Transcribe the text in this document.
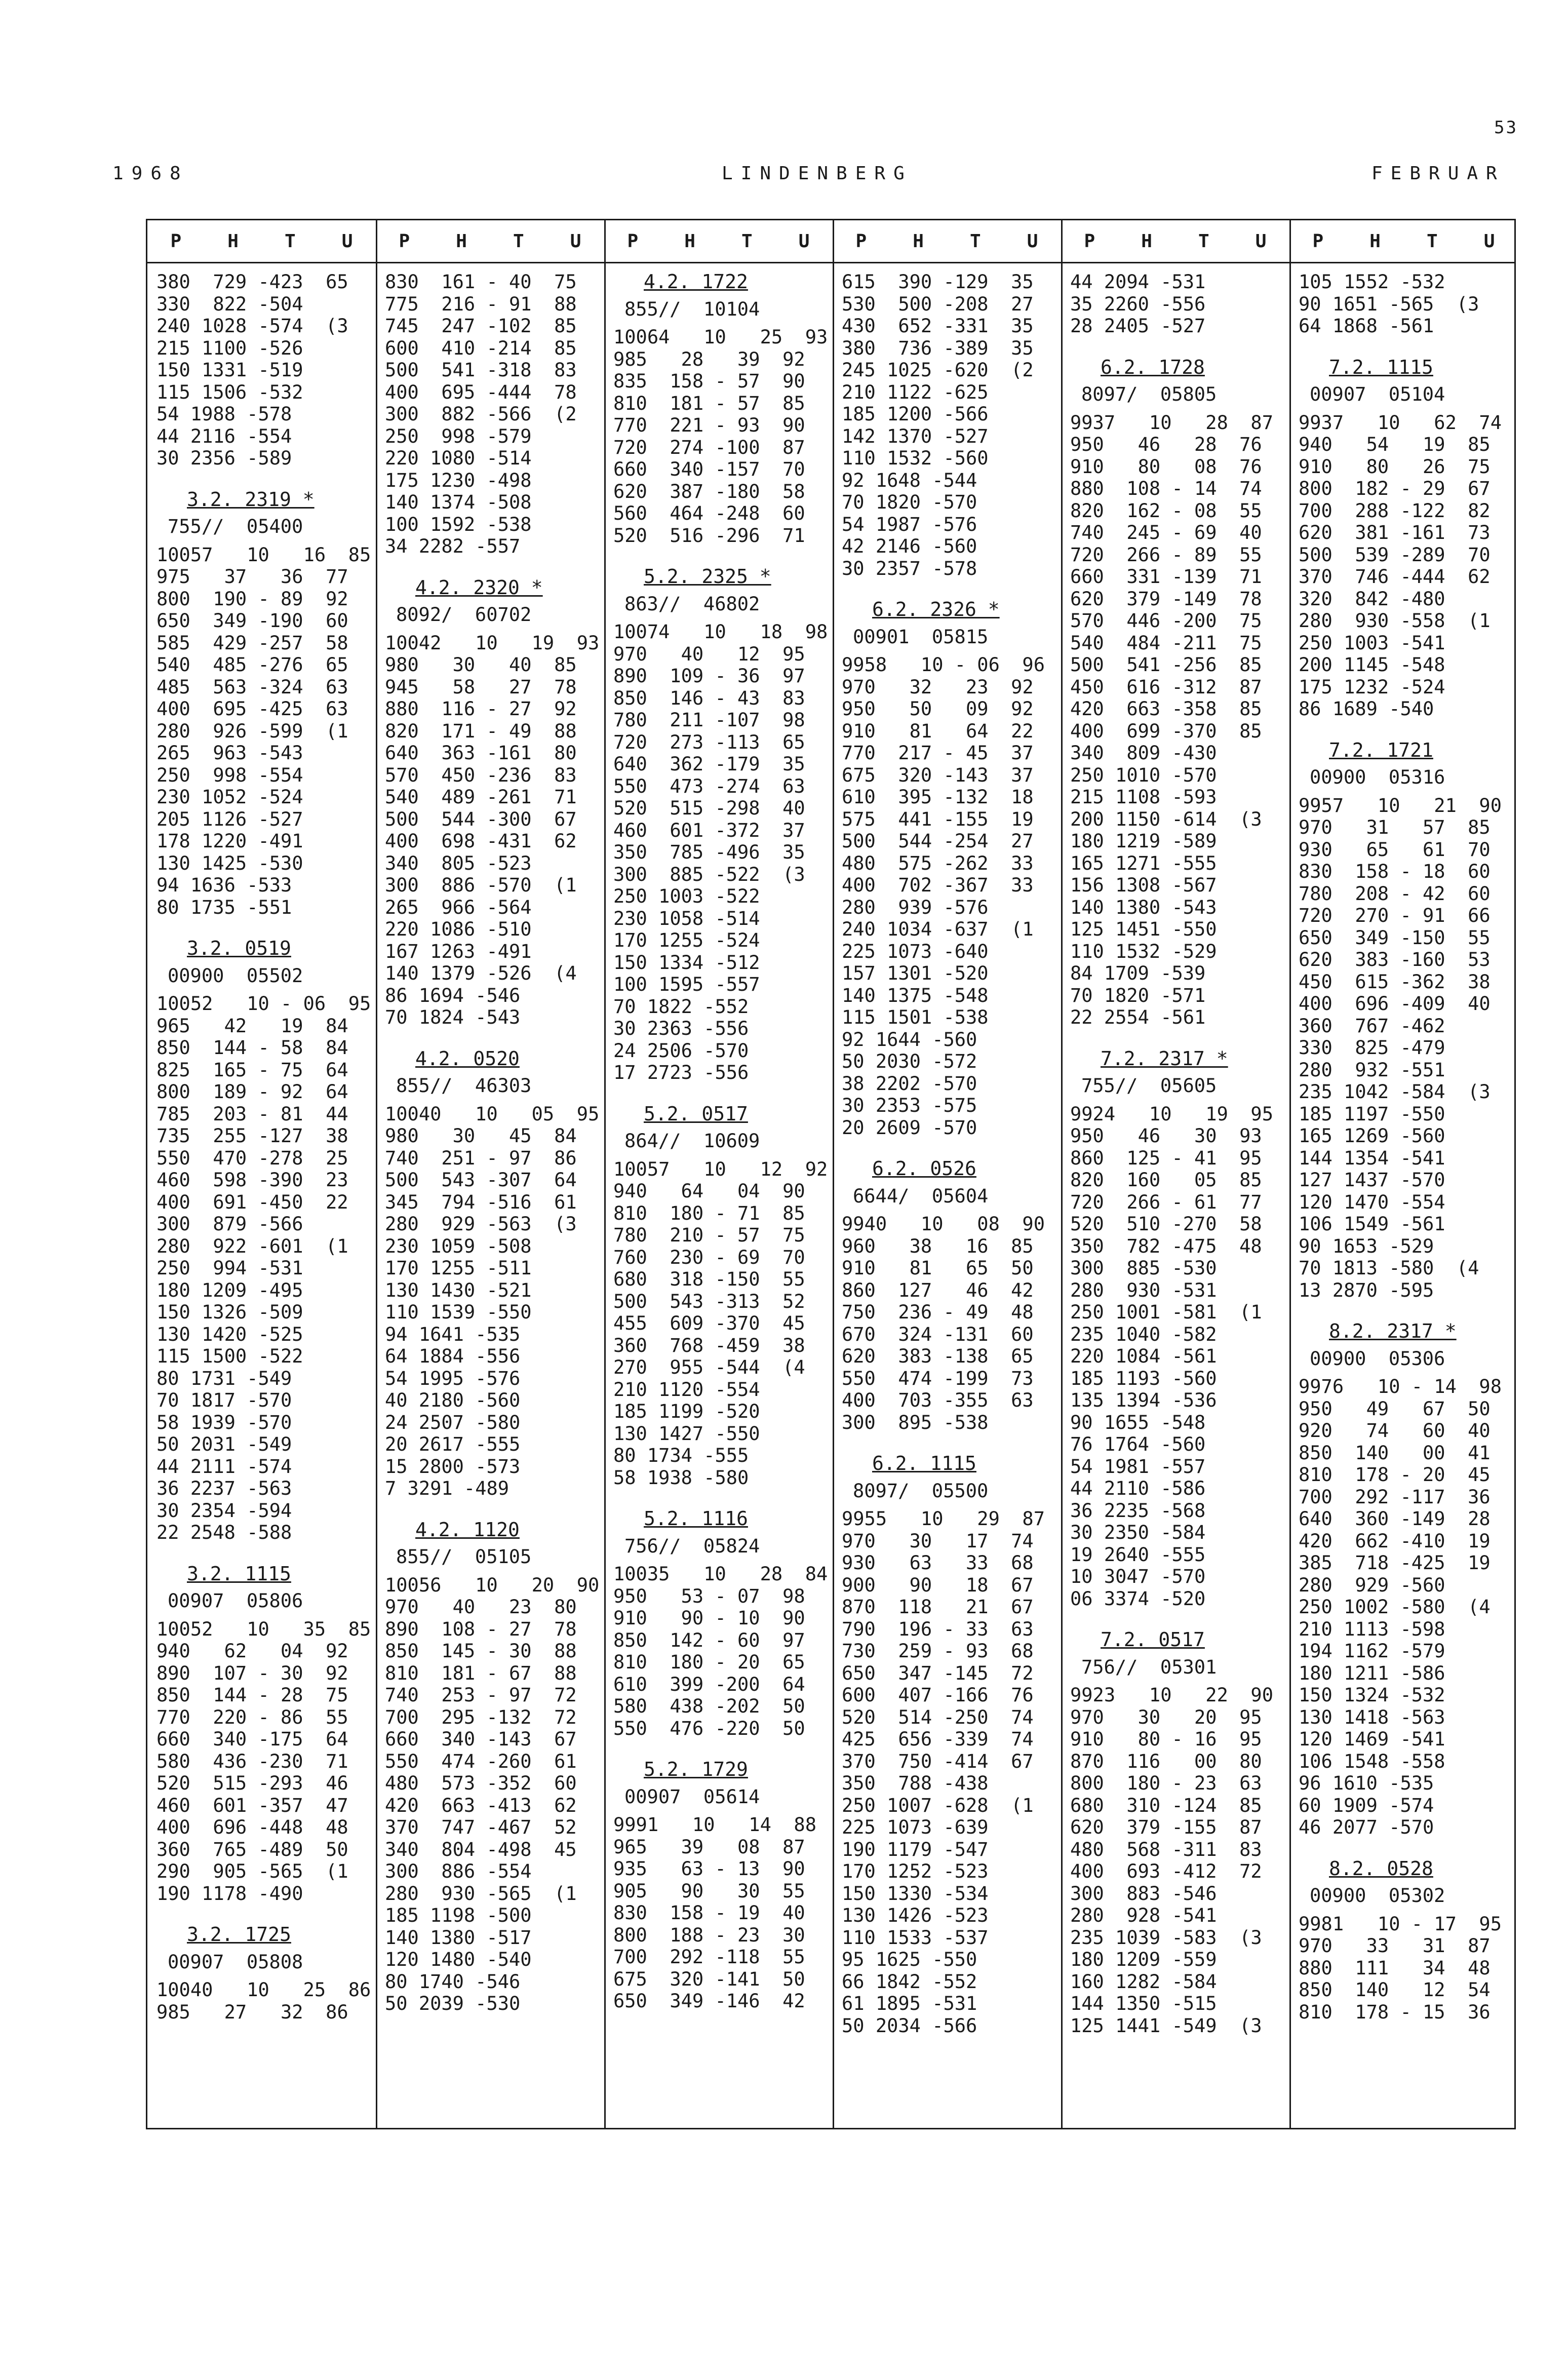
53
1968	LINDENBERG	FEBRUAR
P	H	T	U
380  729 -423  65
330  822 -504
240 1028 -574  (3
215 1100 -526
150 1331 -519
115 1506 -532
54 1988 -578
44 2116 -554
30 2356 -589
3.2. 2319 *
755//  05400
10057   10   16  85
975   37   36  77
800  190 - 89  92
650  349 -190  60
585  429 -257  58
540  485 -276  65
485  563 -324  63
400  695 -425  63
280  926 -599  (1
265  963 -543
250  998 -554
230 1052 -524
205 1126 -527
178 1220 -491
130 1425 -530
94 1636 -533
80 1735 -551
3.2. 0519
00900  05502
10052   10 - 06  95
965   42   19  84
850  144 - 58  84
825  165 - 75  64
800  189 - 92  64
785  203 - 81  44
735  255 -127  38
550  470 -278  25
460  598 -390  23
400  691 -450  22
300  879 -566
280  922 -601  (1
250  994 -531
180 1209 -495
150 1326 -509
130 1420 -525
115 1500 -522
80 1731 -549
70 1817 -570
58 1939 -570
50 2031 -549
44 2111 -574
36 2237 -563
30 2354 -594
22 2548 -588
3.2. 1115
00907  05806
10052   10   35  85
940   62   04  92
890  107 - 30  92
850  144 - 28  75
770  220 - 86  55
660  340 -175  64
580  436 -230  71
520  515 -293  46
460  601 -357  47
400  696 -448  48
360  765 -489  50
290  905 -565  (1
190 1178 -490
3.2. 1725
00907  05808
10040   10   25  86
985   27   32  86
P	H	T	U
830  161 - 40  75
775  216 - 91  88
745  247 -102  85
600  410 -214  85
500  541 -318  83
400  695 -444  78
300  882 -566  (2
250  998 -579
220 1080 -514
175 1230 -498
140 1374 -508
100 1592 -538
34 2282 -557
4.2. 2320 *
8092/  60702
10042   10   19  93
980   30   40  85
945   58   27  78
880  116 - 27  92
820  171 - 49  88
640  363 -161  80
570  450 -236  83
540  489 -261  71
500  544 -300  67
400  698 -431  62
340  805 -523
300  886 -570  (1
265  966 -564
220 1086 -510
167 1263 -491
140 1379 -526  (4
86 1694 -546
70 1824 -543
4.2. 0520
855//  46303
10040   10   05  95
980   30   45  84
740  251 - 97  86
500  543 -307  64
345  794 -516  61
280  929 -563  (3
230 1059 -508
170 1255 -511
130 1430 -521
110 1539 -550
94 1641 -535
64 1884 -556
54 1995 -576
40 2180 -560
24 2507 -580
20 2617 -555
15 2800 -573
7 3291 -489
4.2. 1120
855//  05105
10056   10   20  90
970   40   23  80
890  108 - 27  78
850  145 - 30  88
810  181 - 67  88
740  253 - 97  72
700  295 -132  72
660  340 -143  67
550  474 -260  61
480  573 -352  60
420  663 -413  62
370  747 -467  52
340  804 -498  45
300  886 -554
280  930 -565  (1
185 1198 -500
140 1380 -517
120 1480 -540
80 1740 -546
50 2039 -530
P	H	T	U
4.2. 1722
855//  10104
10064   10   25  93
985   28   39  92
835  158 - 57  90
810  181 - 57  85
770  221 - 93  90
720  274 -100  87
660  340 -157  70
620  387 -180  58
560  464 -248  60
520  516 -296  71
5.2. 2325 *
863//  46802
10074   10   18  98
970   40   12  95
890  109 - 36  97
850  146 - 43  83
780  211 -107  98
720  273 -113  65
640  362 -179  35
550  473 -274  63
520  515 -298  40
460  601 -372  37
350  785 -496  35
300  885 -522  (3
250 1003 -522
230 1058 -514
170 1255 -524
150 1334 -512
100 1595 -557
70 1822 -552
30 2363 -556
24 2506 -570
17 2723 -556
5.2. 0517
864//  10609
10057   10   12  92
940   64   04  90
810  180 - 71  85
780  210 - 57  75
760  230 - 69  70
680  318 -150  55
500  543 -313  52
455  609 -370  45
360  768 -459  38
270  955 -544  (4
210 1120 -554
185 1199 -520
130 1427 -550
80 1734 -555
58 1938 -580
5.2. 1116
756//  05824
10035   10   28  84
950   53 - 07  98
910   90 - 10  90
850  142 - 60  97
810  180 - 20  65
610  399 -200  64
580  438 -202  50
550  476 -220  50
5.2. 1729
00907  05614
9991   10   14  88
965   39   08  87
935   63 - 13  90
905   90   30  55
830  158 - 19  40
800  188 - 23  30
700  292 -118  55
675  320 -141  50
650  349 -146  42
P	H	T	U
615  390 -129  35
530  500 -208  27
430  652 -331  35
380  736 -389  35
245 1025 -620  (2
210 1122 -625
185 1200 -566
142 1370 -527
110 1532 -560
92 1648 -544
70 1820 -570
54 1987 -576
42 2146 -560
30 2357 -578
6.2. 2326 *
00901  05815
9958   10 - 06  96
970   32   23  92
950   50   09  92
910   81   64  22
770  217 - 45  37
675  320 -143  37
610  395 -132  18
575  441 -155  19
500  544 -254  27
480  575 -262  33
400  702 -367  33
280  939 -576
240 1034 -637  (1
225 1073 -640
157 1301 -520
140 1375 -548
115 1501 -538
92 1644 -560
50 2030 -572
38 2202 -570
30 2353 -575
20 2609 -570
6.2. 0526
6644/  05604
9940   10   08  90
960   38   16  85
910   81   65  50
860  127   46  42
750  236 - 49  48
670  324 -131  60
620  383 -138  65
550  474 -199  73
400  703 -355  63
300  895 -538
6.2. 1115
8097/  05500
9955   10   29  87
970   30   17  74
930   63   33  68
900   90   18  67
870  118   21  67
790  196 - 33  63
730  259 - 93  68
650  347 -145  72
600  407 -166  76
520  514 -250  74
425  656 -339  74
370  750 -414  67
350  788 -438
250 1007 -628  (1
225 1073 -639
190 1179 -547
170 1252 -523
150 1330 -534
130 1426 -523
110 1533 -537
95 1625 -550
66 1842 -552
61 1895 -531
50 2034 -566
P	H	T	U
44 2094 -531
35 2260 -556
28 2405 -527
6.2. 1728
8097/  05805
9937   10   28  87
950   46   28  76
910   80   08  76
880  108 - 14  74
820  162 - 08  55
740  245 - 69  40
720  266 - 89  55
660  331 -139  71
620  379 -149  78
570  446 -200  75
540  484 -211  75
500  541 -256  85
450  616 -312  87
420  663 -358  85
400  699 -370  85
340  809 -430
250 1010 -570
215 1108 -593
200 1150 -614  (3
180 1219 -589
165 1271 -555
156 1308 -567
140 1380 -543
125 1451 -550
110 1532 -529
84 1709 -539
70 1820 -571
22 2554 -561
7.2. 2317 *
755//  05605
9924   10   19  95
950   46   30  93
860  125 - 41  95
820  160   05  85
720  266 - 61  77
520  510 -270  58
350  782 -475  48
300  885 -530
280  930 -531
250 1001 -581  (1
235 1040 -582
220 1084 -561
185 1193 -560
135 1394 -536
90 1655 -548
76 1764 -560
54 1981 -557
44 2110 -586
36 2235 -568
30 2350 -584
19 2640 -555
10 3047 -570
06 3374 -520
7.2. 0517
756//  05301
9923   10   22  90
970   30   20  95
910   80 - 16  95
870  116   00  80
800  180 - 23  63
680  310 -124  85
620  379 -155  87
480  568 -311  83
400  693 -412  72
300  883 -546
280  928 -541
235 1039 -583  (3
180 1209 -559
160 1282 -584
144 1350 -515
125 1441 -549  (3
P	H	T	U
105 1552 -532
90 1651 -565  (3
64 1868 -561
7.2. 1115
00907  05104
9937   10   62  74
940   54   19  85
910   80   26  75
800  182 - 29  67
700  288 -122  82
620  381 -161  73
500  539 -289  70
370  746 -444  62
320  842 -480
280  930 -558  (1
250 1003 -541
200 1145 -548
175 1232 -524
86 1689 -540
7.2. 1721
00900  05316
9957   10   21  90
970   31   57  85
930   65   61  70
830  158 - 18  60
780  208 - 42  60
720  270 - 91  66
650  349 -150  55
620  383 -160  53
450  615 -362  38
400  696 -409  40
360  767 -462
330  825 -479
280  932 -551
235 1042 -584  (3
185 1197 -550
165 1269 -560
144 1354 -541
127 1437 -570
120 1470 -554
106 1549 -561
90 1653 -529
70 1813 -580  (4
13 2870 -595
8.2. 2317 *
00900  05306
9976   10 - 14  98
950   49   67  50
920   74   60  40
850  140   00  41
810  178 - 20  45
700  292 -117  36
640  360 -149  28
420  662 -410  19
385  718 -425  19
280  929 -560
250 1002 -580  (4
210 1113 -598
194 1162 -579
180 1211 -586
150 1324 -532
130 1418 -563
120 1469 -541
106 1548 -558
96 1610 -535
60 1909 -574
46 2077 -570
8.2. 0528
00900  05302
9981   10 - 17  95
970   33   31  87
880  111   34  48
850  140   12  54
810  178 - 15  36
